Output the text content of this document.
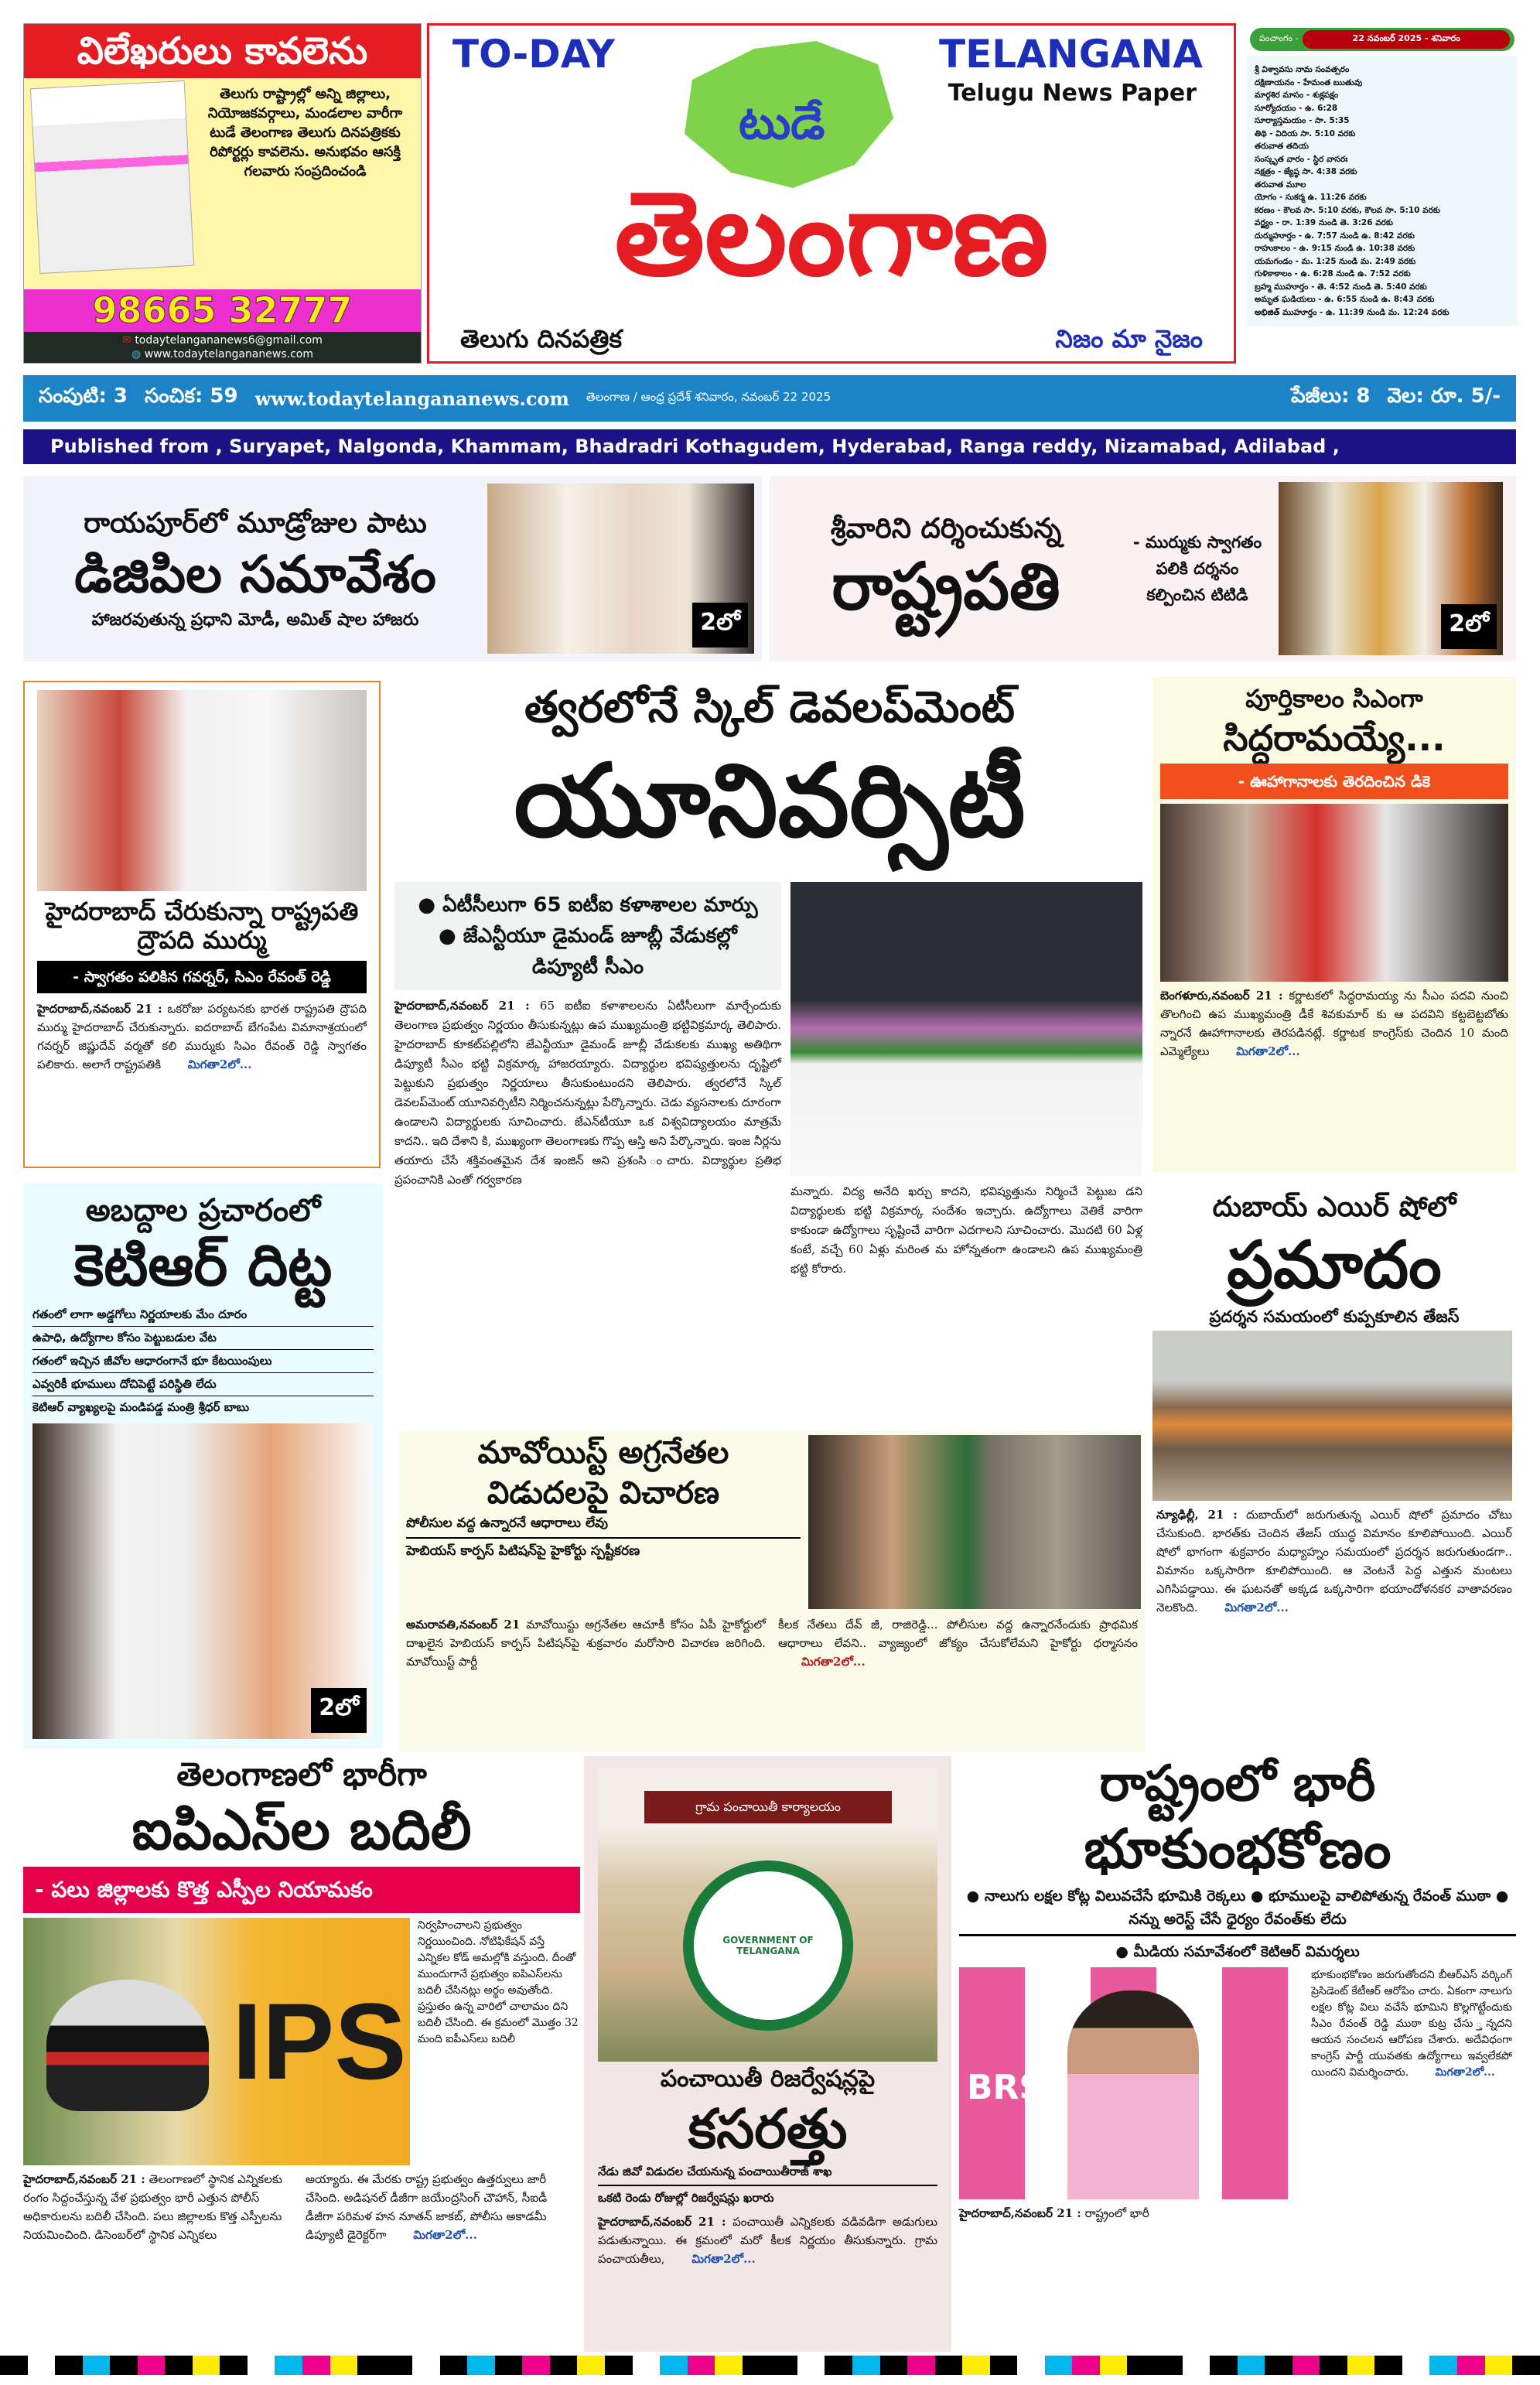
విలేఖరులు కావలెను
తెలుగు రాష్ట్రాల్లో అన్ని జిల్లాలు, నియోజకవర్గాలు, మండలాల వారీగా టుడే తెలంగాణ తెలుగు దినపత్రికకు రిపోర్టర్లు కావలెను. అనుభవం ఆసక్తి గలవారు సంప్రదించండి
98665 32777
✉ todaytelangananews6@gmail.com
◍ www.todaytelangananews.com
TO-DAY	TELANGANA
Telugu News Paper
టుడే
తెలంగాణ
తెలుగు దినపత్రిక	నిజం మా నైజం
పంచాంగం -	22 నవంబర్ 2025 - శనివారం
శ్రీ విశ్వావసు నామ సంవత్సరం
దక్షిణాయనం - హేమంత ఋతువు
మార్గశిర మాసం - శుక్లపక్షం
సూర్యోదయం - ఉ. 6:28
సూర్యాస్తమయం - సా. 5:35
తిథి - విదియ సా. 5:10 వరకు
తరువాత తదియ
సంస్కృత వారం - స్థిర వాసరః
నక్షత్రం - జ్యేష్ఠ సా. 4:38 వరకు
తరువాత మూల
యోగం - సుకర్మ ఉ. 11:26 వరకు
కరణం - కౌలవ సా. 5:10 వరకు, కౌలవ సా. 5:10 వరకు
వర్జ్యం - రా. 1:39 నుండి తె. 3:26 వరకు
దుర్ముహూర్తం - ఉ. 7:57 నుండి ఉ. 8:42 వరకు
రాహుకాలం - ఉ. 9:15 నుండి ఉ. 10:38 వరకు
యమగండం - మ. 1:25 నుండి మ. 2:49 వరకు
గుళికాకాలం - ఉ. 6:28 నుండి ఉ. 7:52 వరకు
బ్రహ్మ ముహూర్తం - తె. 4:52 నుండి తె. 5:40 వరకు
అమృత ఘడియలు - ఉ. 6:55 నుండి ఉ. 8:43 వరకు
అభిజిత్ ముహూర్తం - ఉ. 11:39 నుండి మ. 12:24 వరకు
సంపుటి: 3 సంచిక: 59 www.todaytelangananews.com తెలంగాణ / ఆంధ్ర ప్రదేశ్ శనివారం, నవంబర్ 22 2025	పేజీలు: 8 వెల: రూ. 5/-
Published from , Suryapet, Nalgonda, Khammam, Bhadradri Kothagudem, Hyderabad, Ranga reddy, Nizamabad, Adilabad ,
రాయపూర్‌లో మూడ్రోజుల పాటు
డిజిపిల సమావేశం
హాజరవుతున్న ప్రధాని మోడీ, అమిత్ షాల హాజరు	2లో
శ్రీవారిని దర్శించుకున్న
రాష్ట్రపతి
- ముర్ముకు స్వాగతం పలికి దర్శనం కల్పించిన టిటిడి
2లో
హైదరాబాద్ చేరుకున్నా రాష్ట్రపతి ద్రౌపది ముర్ము
- స్వాగతం పలికిన గవర్నర్, సిఎం రేవంత్ రెడ్డి

హైదరాబాద్,నవంబర్ 21 : ఒకరోజు పర్యటనకు భారత రాష్ట్రపతి ద్రౌపది ముర్ము హైదరాబాద్ చేరుకున్నారు. ఐదరాబాద్ బేగంపేట విమానాశ్రయంలో గవర్నర్ జిష్ణుదేవ్ వర్మతో కలి ముర్ముకు సిఎం రేవంత్ రెడ్డి స్వాగతం పలికారు. అలాగే రాష్ట్రపతికి మిగతా2లో...

అబద్దాల ప్రచారంలో
కెటిఆర్ దిట్ట
గతంలో లాగా అడ్డగోలు నిర్ణయాలకు మేం దూరం
ఉపాధి, ఉద్యోగాల కోసం పెట్టుబడుల వేట
గతంలో ఇచ్చిన జీవోల ఆధారంగానే భూ కేటయింపులు
ఎవ్వరికీ భూములు దోచిపెట్టే పరిస్థితి లేదు
కెటిఆర్ వ్యాఖ్యలపై మండిపడ్డ మంత్రి శ్రీధర్ బాబు
2లో
త్వరలోనే స్కిల్ డెవలప్‌మెంట్
యూనివర్సిటీ
● ఏటీసీలుగా 65 ఐటీఐ కళాశాలల మార్పు
● జేఎన్టీయూ డైమండ్ జూబ్లీ వేడుకల్లో డిప్యూటీ సీఎం

హైదరాబాద్,నవంబర్ 21 : 65 ఐటీఐ కళాశాలలను ఏటీసీలుగా మార్చేందుకు తెలంగాణ ప్రభుత్వం నిర్ణయం తీసుకున్నట్లు ఉప ముఖ్యమంత్రి భట్టివిక్రమార్క తెలిపారు. హైదరాబాద్ కూకట్‌పల్లిలోని జేఎన్టీయూ డైమండ్ జూబ్లీ వేడుకలకు ముఖ్య అతిథిగా డిప్యూటీ సీఎం భట్టి విక్రమార్క హాజరయ్యారు. విద్యార్థుల భవిష్యత్తులను దృష్టిలో పెట్టుకుని ప్రభుత్వం నిర్ణయాలు తీసుకుంటుందని తెలిపారు. త్వరలోనే స్కిల్ డెవలప్‌మెంట్ యూనివర్సిటీని నిర్మించనున్నట్లు పేర్కొన్నారు. చెడు వ్యసనాలకు దూరంగా ఉండాలని విద్యార్థులకు సూచించారు. జేఎన్‌టీయూ ఒక విశ్వవిద్యాలయం మాత్రమే కాదని.. ఇది దేశాని కి, ముఖ్యంగా తెలంగాణకు గొప్ప ఆస్తి అని పేర్కొన్నారు. ఇంజ నీర్లను తయారు చేసే శక్తివంతమైన దేశ ఇంజిన్ అని ప్రశంసి ంచారు. విద్యార్థుల ప్రతిభ ప్రపంచానికి ఎంతో గర్వకారణ

మన్నారు. విద్య అనేది ఖర్చు కాదని, భవిష్యత్తును నిర్మించే పెట్టుబ డని విద్యార్థులకు భట్టి విక్రమార్క సందేశం ఇచ్చారు. ఉద్యోగాలు వెతికే వారిగా కాకుండా ఉద్యోగాలు సృష్టించే వారిగా ఎదగాలని సూచించారు. మొదటి 60 ఏళ్ల కంటే, వచ్చే 60 ఏళ్లు మరింత మ హోన్నతంగా ఉండాలని ఉప ముఖ్యమంత్రి భట్టి కోరారు.

పూర్తికాలం సిఎంగా
సిద్దరామయ్యే...
- ఊహాగానాలకు తెరదించిన డికె

బెంగళూరు,నవంబర్ 21 : కర్ణాటకలో సిద్ధరామయ్య ను సీఎం పదవి నుంచి తొలగించి ఉప ముఖ్యమంత్రి డీకే శివకుమార్ కు ఆ పదవిని కట్టబెట్టబోతు న్నారనే ఊహాగానాలకు తెరపడినట్లే. కర్ణాటక కాంగ్రెస్‌కు చెందిన 10 మంది ఎమ్మెల్యేలు మిగతా2లో...

దుబాయ్ ఎయిర్ షోలో
ప్రమాదం
ప్రదర్శన సమయంలో కుప్పకూలిన తేజస్

న్యూఢిల్లీ, 21 : దుబాయ్‌లో జరుగుతున్న ఎయిర్ షోలో ప్రమాదం చోటు చేసుకుంది. భారత్‌కు చెందిన తేజస్ యుద్ధ విమానం కూలిపోయింది. ఎయిర్ షోలో భాగంగా శుక్రవారం మధ్యాహ్నం సమయంలో ప్రదర్శన జరుగుతుండగా.. విమానం ఒక్కసారిగా కూలిపోయింది. ఆ వెంటనే పెద్ద ఎత్తున మంటలు ఎగిసిపడ్డాయి. ఈ ఘటనతో అక్కడ ఒక్కసారిగా భయాందోళనకర వాతావరణం నెలకొంది. మిగతా2లో...

మావోయిస్ట్ అగ్రనేతల
విడుదలపై విచారణ
పోలీసుల వద్ద ఉన్నారనే ఆధారాలు లేవు
హెబియస్ కార్పస్ పిటిషన్‌పై హైకోర్టు స్పష్టీకరణ

అమరావతి,నవంబర్ 21 మావోయిస్టు అగ్రనేతల ఆచూకీ కోసం ఏపీ హైకోర్టులో దాఖలైన హెబియస్ కార్పస్ పిటిషన్‌పై శుక్రవారం మరోసారి విచారణ జరిగింది. మావోయిస్ట్ పార్టీ

కీలక నేతలు దేవ్ జీ, రాజిరెడ్డి... పోలీసుల వద్ద ఉన్నారనేందుకు ప్రాథమిక ఆధారాలు లేవని.. వ్యాజ్యంలో జోక్యం చేసుకోలేమని హైకోర్టు ధర్మాసనం మిగతా2లో...

తెలంగాణలో భారీగా
ఐపిఎస్‌ల బదిలీ
- పలు జిల్లాలకు కొత్త ఎస్పీల నియామకం
IPS

నిర్వహించాలని ప్రభుత్వం నిర్ణయించింది. నోటిఫికేషన్ వస్తే ఎన్నికల కోడ్ అమల్లోకి వస్తుంది. దీంతో ముందుగానే ప్రభుత్వం ఐపిఎస్‌లను బదిలీ చేసినట్లు అర్థం అవుతోంది. ప్రస్తుతం ఉన్న వారిలో చాలామం దిని బదిలీ చేసింది. ఈ క్రమంలో మొత్తం 32 మంది ఐపీఎస్‌లు బదిలీ

హైదరాబాద్,నవంబర్ 21 : తెలంగాణలో స్థానిక ఎన్నికలకు రంగం సిద్దంచేస్తున్న వేళ ప్రభుత్వం భారీ ఎత్తున పోలీస్ అధికారులను బదిలీ చేసింది. పలు జిల్లాలకు కొత్త ఎస్పీలను నియమించింది. డిసెంబర్‌లో స్థానిక ఎన్నికలు

అయ్యారు. ఈ మేరకు రాష్ట్ర ప్రభుత్వం ఉత్తర్వులు జారీ చేసింది. అడిషనల్ డీజీగా జయేంద్రసింగ్ చౌహాన్, సీఐడీ డీజీగా పరిమళ హన నూతన్ జాకబ్, పోలీసు అకాడమీ డిప్యూటీ డైరెక్టర్‌గా మిగతా2లో...

గ్రామ పంచాయితీ కార్యాలయం
GOVERNMENT OF TELANGANA
పంచాయితీ రిజర్వేషన్లపై
కసరత్తు
నేడు జివో విడుదల చేయనున్న పంచాయితీరాజ్ శాఖ
ఒకటి రెండు రోజుల్లో రిజర్వేషన్లు ఖరారు

హైదరాబాద్,నవంబర్ 21 : పంచాయితీ ఎన్నికలకు వడివడిగా అడుగులు పడుతున్నాయి. ఈ క్రమంలో మరో కీలక నిర్ణయం తీసుకున్నారు. గ్రామ పంచాయతీలు, మిగతా2లో...

రాష్ట్రంలో భారీ
భూకుంభకోణం
● నాలుగు లక్షల కోట్ల విలువచేసే భూమికి రెక్కలు ● భూములపై వాలిపోతున్న రేవంత్ ముఠా ● నన్ను అరెస్ట్ చేసే ధైర్యం రేవంత్‌కు లేదు
● మీడియ సమావేశంలో కెటిఆర్ విమర్శలు
BRS

హైదరాబాద్,నవంబర్ 21 : రాష్ట్రంలో భారీ

భూకుంభకోణం జరుగుతోందని బీఆర్ఎస్ వర్కింగ్ ప్రెసిడెంట్ కేటీఆర్ ఆరోపిం చారు. ఏకంగా నాలుగు లక్షల కోట్ల విలు వచేసే భూమిని కొల్లగొట్టేందుకు సీఎం రేవంత్ రెడ్డి ముఠా కుట్ర చేసు ్తన్నదని ఆయన సంచలన ఆరోపణ చేశారు. అదేవిధంగా కాంగ్రెస్ పార్టీ యువతకు ఉద్యోగాలు ఇవ్వలేకపో యిందని విమర్శించారు. మిగతా2లో...
